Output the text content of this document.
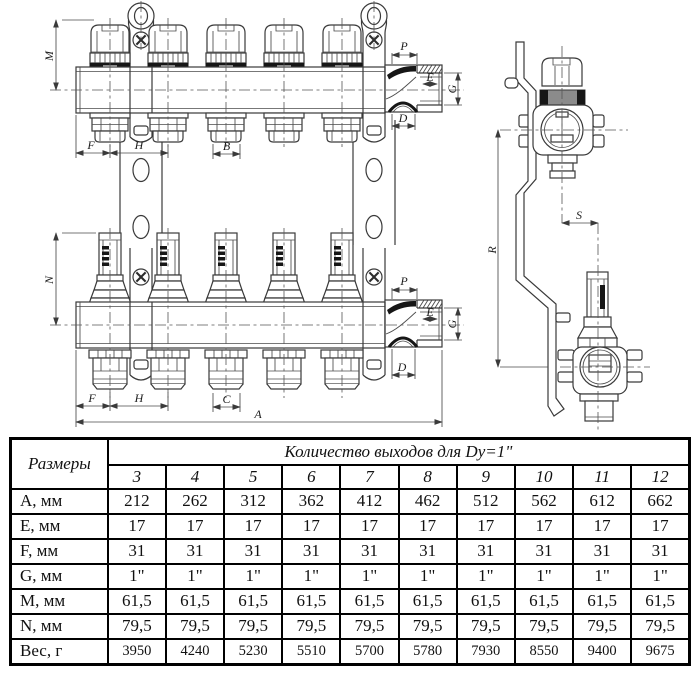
M
F	H	B
P
E
G
D
N
F	H	C
A
P
E
G
D
R
S
Размеры	Количество выходов для Dy=1"									
	3	4	5	6	7	8	9	10	11	12
А, мм	212	262	312	362	412	462	512	562	612	662
Е, мм	17	17	17	17	17	17	17	17	17	17
F, мм	31	31	31	31	31	31	31	31	31	31
G, мм	1"	1"	1"	1"	1"	1"	1"	1"	1"	1"
М, мм	61,5	61,5	61,5	61,5	61,5	61,5	61,5	61,5	61,5	61,5
N, мм	79,5	79,5	79,5	79,5	79,5	79,5	79,5	79,5	79,5	79,5
Вес, г	3950	4240	5230	5510	5700	5780	7930	8550	9400	9675
